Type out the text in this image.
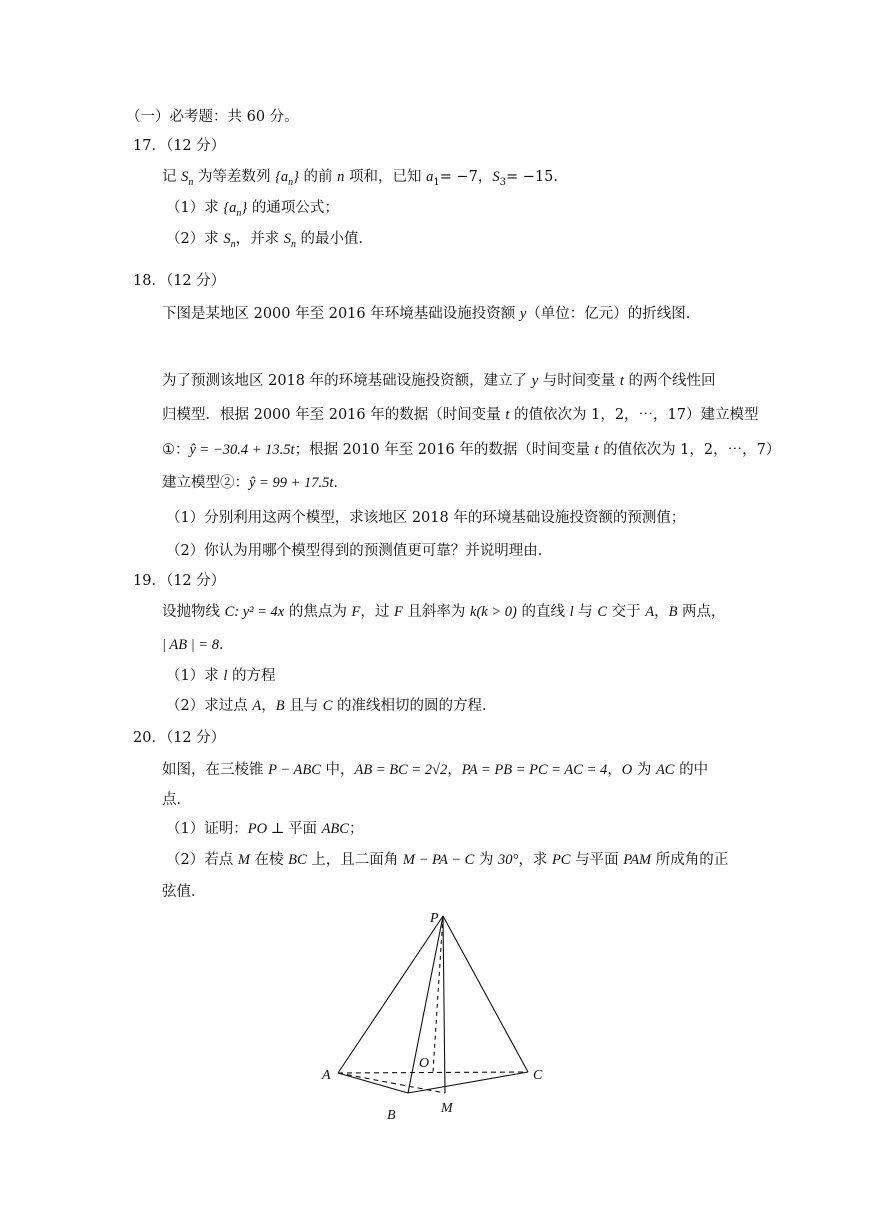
（一）必考题：共 60 分。
17．（12 分）
记 $S_n$ 为等差数列 $\{a_n\}$ 的前 n 项和，已知 $a_1= -7$，$S_3= -15$．
（1）求 $\{a_n\}$ 的通项公式；
（2）求 $S_n$，并求 $S_n$ 的最小值．
18．（12 分）
下图是某地区 2000 年至 2016 年环境基础设施投资额 y（单位：亿元）的折线图．
为了预测该地区 2018 年的环境基础设施投资额，建立了 y 与时间变量 t 的两个线性回
归模型．根据 2000 年至 2016 年的数据（时间变量 t 的值依次为 1，2，⋯，17）建立模型
①：ŷ = −30.4 + 13.5t；根据 2010 年至 2016 年的数据（时间变量 t 的值依次为 1，2，⋯，7）
建立模型②：ŷ = 99 + 17.5t．
（1）分别利用这两个模型，求该地区 2018 年的环境基础设施投资额的预测值；
（2）你认为用哪个模型得到的预测值更可靠？并说明理由．
19．（12 分）
设抛物线 C: y² = 4x 的焦点为 F，过 F 且斜率为 k(k > 0) 的直线 l 与 C 交于 A，B 两点，
| AB | = 8．
（1）求 l 的方程
（2）求过点 A，B 且与 C 的准线相切的圆的方程．
20．（12 分）
如图，在三棱锥 P − ABC 中，AB = BC = 2√2，PA = PB = PC = AC = 4，O 为 AC 的中
点．
（1）证明：PO ⊥ 平面 ABC；
（2）若点 M 在棱 BC 上，且二面角 M − PA − C 为 30°，求 PC 与平面 PAM 所成角的正
弦值．
P
A
B
C
M
O
